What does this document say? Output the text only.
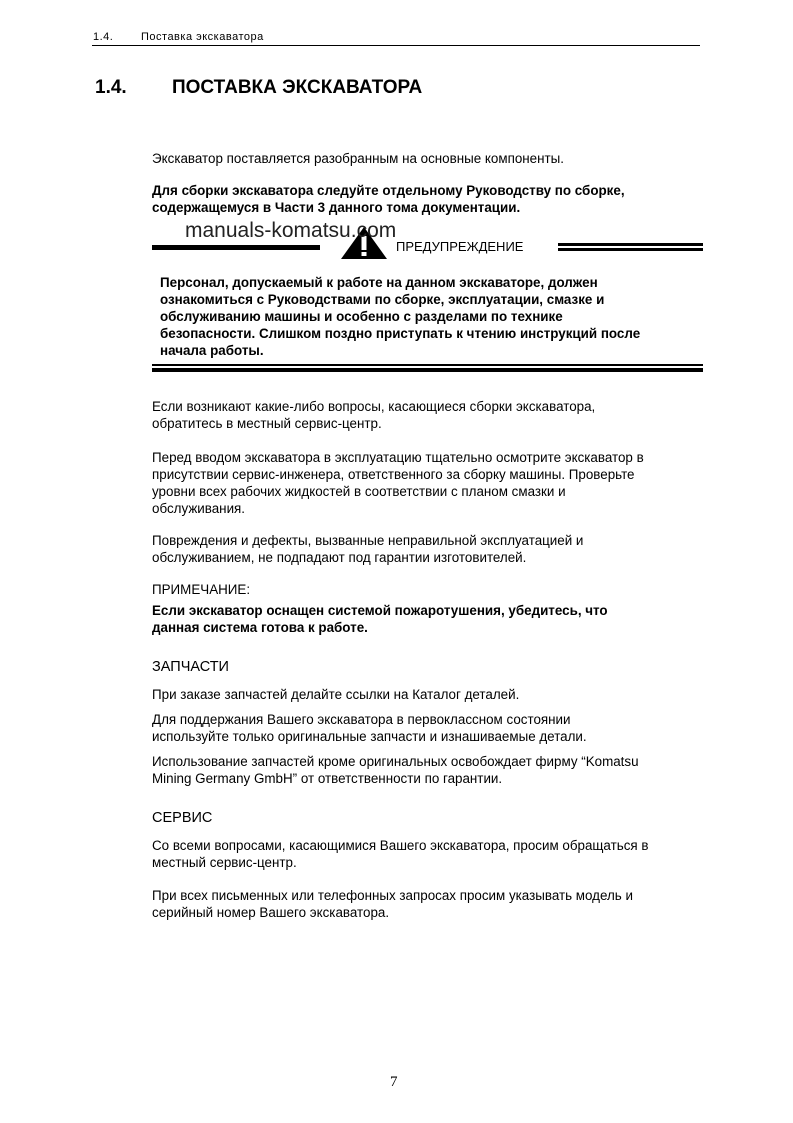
1.4.	Поставка экскаватора
1.4. ПОСТАВКА ЭКСКАВАТОРА
Экскаватор поставляется разобранным на основные компоненты.
Для сборки экскаватора следуйте отдельному Руководству по сборке,
содержащемуся в Части 3 данного тома документации.
manuals-komatsu.com
ПРЕДУПРЕЖДЕНИЕ
Персонал, допускаемый к работе на данном экскаваторе, должен
ознакомиться с Руководствами по сборке, эксплуатации, смазке и
обслуживанию машины и особенно с разделами по технике
безопасности. Слишком поздно приступать к чтению инструкций после
начала работы.
Если возникают какие-либо вопросы, касающиеся сборки экскаватора,
обратитесь в местный сервис-центр.
Перед вводом экскаватора в эксплуатацию тщательно осмотрите экскаватор в
присутствии сервис-инженера, ответственного за сборку машины. Проверьте
уровни всех рабочих жидкостей в соответствии с планом смазки и
обслуживания.
Повреждения и дефекты, вызванные неправильной эксплуатацией и
обслуживанием, не подпадают под гарантии изготовителей.
ПРИМЕЧАНИЕ:
Если экскаватор оснащен системой пожаротушения, убедитесь, что
данная система готова к работе.
ЗАПЧАСТИ
При заказе запчастей делайте ссылки на Каталог деталей.
Для поддержания Вашего экскаватора в первоклассном состоянии
используйте только оригинальные запчасти и изнашиваемые детали.
Использование запчастей кроме оригинальных освобождает фирму “Komatsu
Mining Germany GmbH” от ответственности по гарантии.
СЕРВИС
Со всеми вопросами, касающимися Вашего экскаватора, просим обращаться в
местный сервис-центр.
При всех письменных или телефонных запросах просим указывать модель и
серийный номер Вашего экскаватора.
7
